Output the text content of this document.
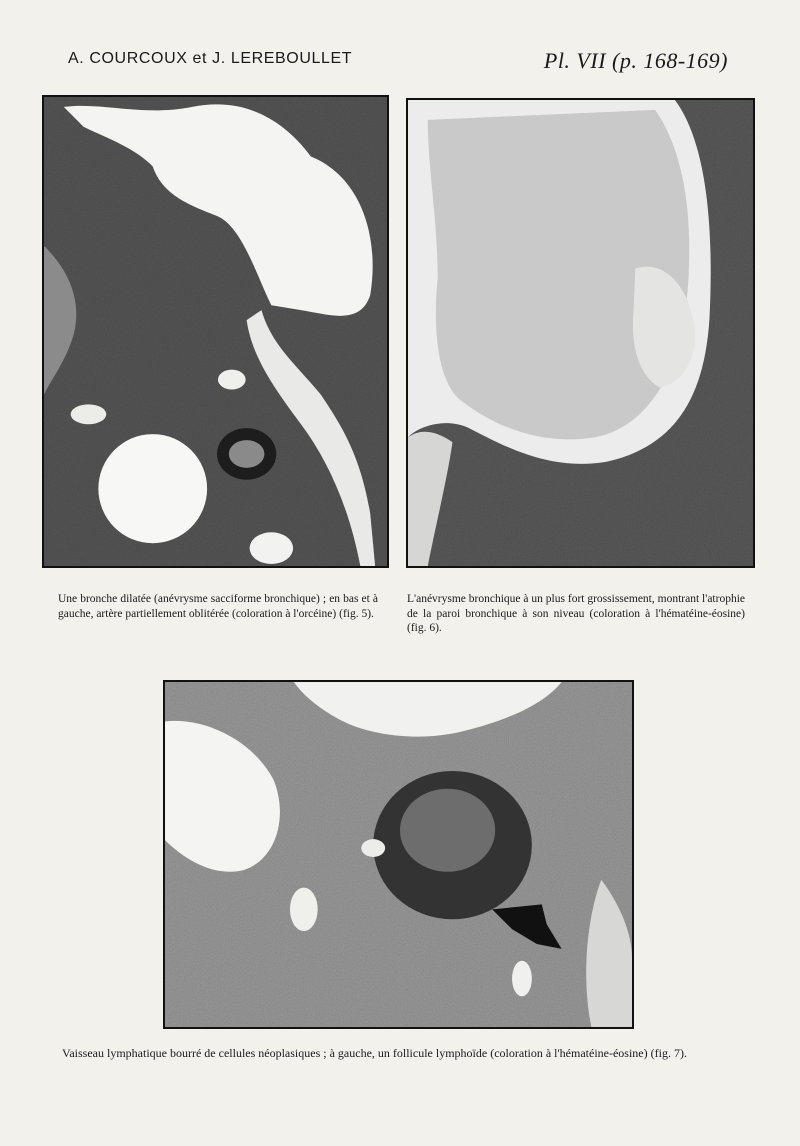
A. COURCOUX et J. LEREBOULLET	Pl. VII (p. 168-169)
Une bronche dilatée (anévrysme sacciforme bronchique) ; en bas et à gauche, artère partiellement oblitérée (coloration à l'orcéine) (fig. 5).
L'anévrysme bronchique à un plus fort grossissement, montrant l'atrophie de la paroi bronchique à son niveau (coloration à l'hématéine-éosine) (fig. 6).
Vaisseau lymphatique bourré de cellules néoplasiques ; à gauche, un follicule lymphoïde (coloration à l'hématéine-éosine) (fig. 7).
